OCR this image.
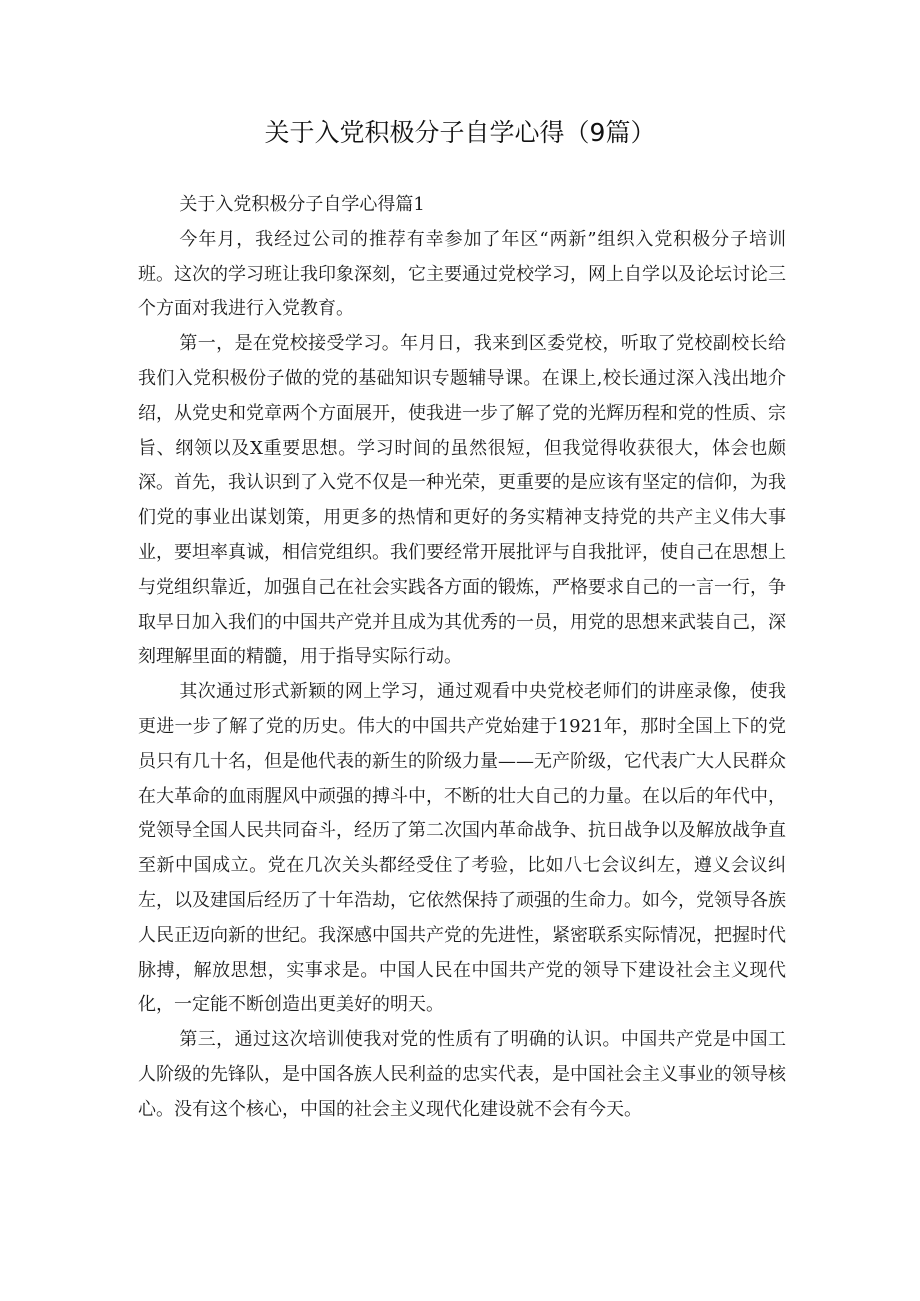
关于入党积极分子自学心得（9篇）

关于入党积极分子自学心得篇1

今年月，我经过公司的推荐有幸参加了年区“两新”组织入党积极分子培训班。这次的学习班让我印象深刻，它主要通过党校学习，网上自学以及论坛讨论三个方面对我进行入党教育。

第一，是在党校接受学习。年月日，我来到区委党校，听取了党校副校长给我们入党积极份子做的党的基础知识专题辅导课。在课上,校长通过深入浅出地介绍，从党史和党章两个方面展开，使我进一步了解了党的光辉历程和党的性质、宗旨、纲领以及X重要思想。学习时间的虽然很短，但我觉得收获很大，体会也颇深。首先，我认识到了入党不仅是一种光荣，更重要的是应该有坚定的信仰，为我们党的事业出谋划策，用更多的热情和更好的务实精神支持党的共产主义伟大事业，要坦率真诚，相信党组织。我们要经常开展批评与自我批评，使自己在思想上与党组织靠近，加强自己在社会实践各方面的锻炼，严格要求自己的一言一行，争取早日加入我们的中国共产党并且成为其优秀的一员，用党的思想来武装自己，深刻理解里面的精髓，用于指导实际行动。

其次通过形式新颖的网上学习，通过观看中央党校老师们的讲座录像，使我更进一步了解了党的历史。伟大的中国共产党始建于1921年，那时全国上下的党员只有几十名，但是他代表的新生的阶级力量——无产阶级，它代表广大人民群众在大革命的血雨腥风中顽强的搏斗中，不断的壮大自己的力量。在以后的年代中，党领导全国人民共同奋斗，经历了第二次国内革命战争、抗日战争以及解放战争直至新中国成立。党在几次关头都经受住了考验，比如八七会议纠左，遵义会议纠左，以及建国后经历了十年浩劫，它依然保持了顽强的生命力。如今，党领导各族人民正迈向新的世纪。我深感中国共产党的先进性，紧密联系实际情况，把握时代脉搏，解放思想，实事求是。中国人民在中国共产党的领导下建设社会主义现代化，一定能不断创造出更美好的明天。

第三，通过这次培训使我对党的性质有了明确的认识。中国共产党是中国工人阶级的先锋队，是中国各族人民利益的忠实代表，是中国社会主义事业的领导核心。没有这个核心，中国的社会主义现代化建设就不会有今天。
